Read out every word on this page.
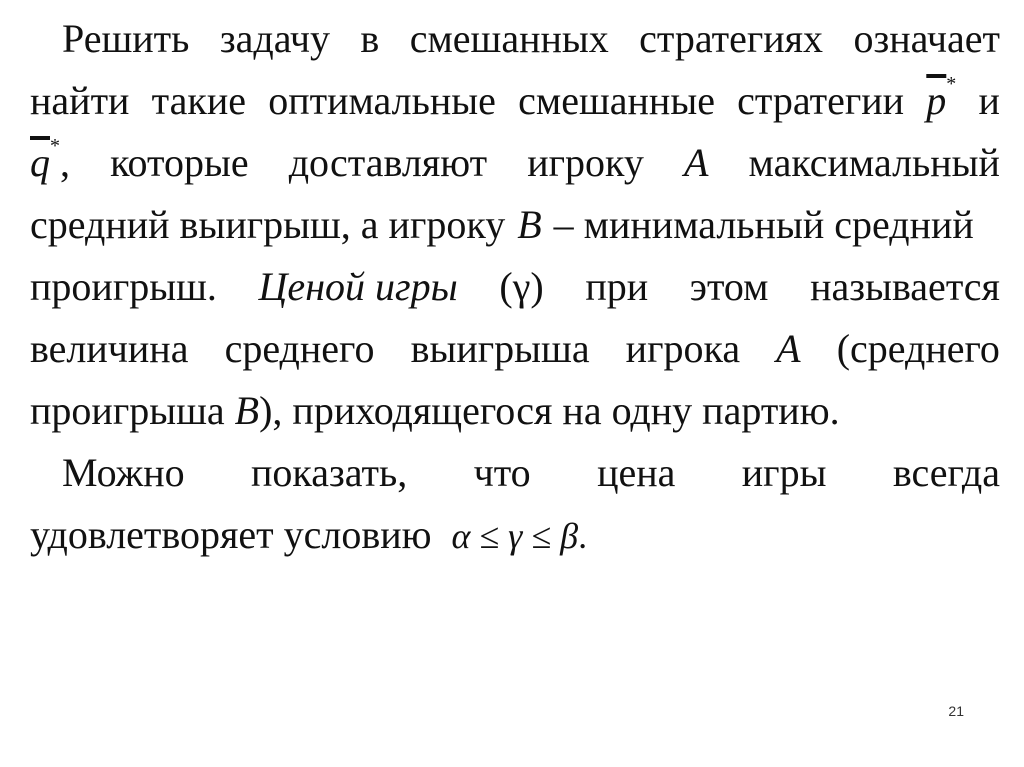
Решить задачу в смешанных стратегиях означает
найти такие оптимальные смешанные стратегии $\overline{p}^*$ и
$\overline{q}^*$, которые доставляют игроку A максимальный
средний выигрыш, а игроку B – минимальный средний
проигрыш. Ценой игры (γ) при этом называется
величина среднего выигрыша игрока A (среднего
проигрыша B ), приходящегося на одну партию.
Можно показать, что цена игры всегда
удовлетворяет условию α ≤ γ ≤ β.
21
